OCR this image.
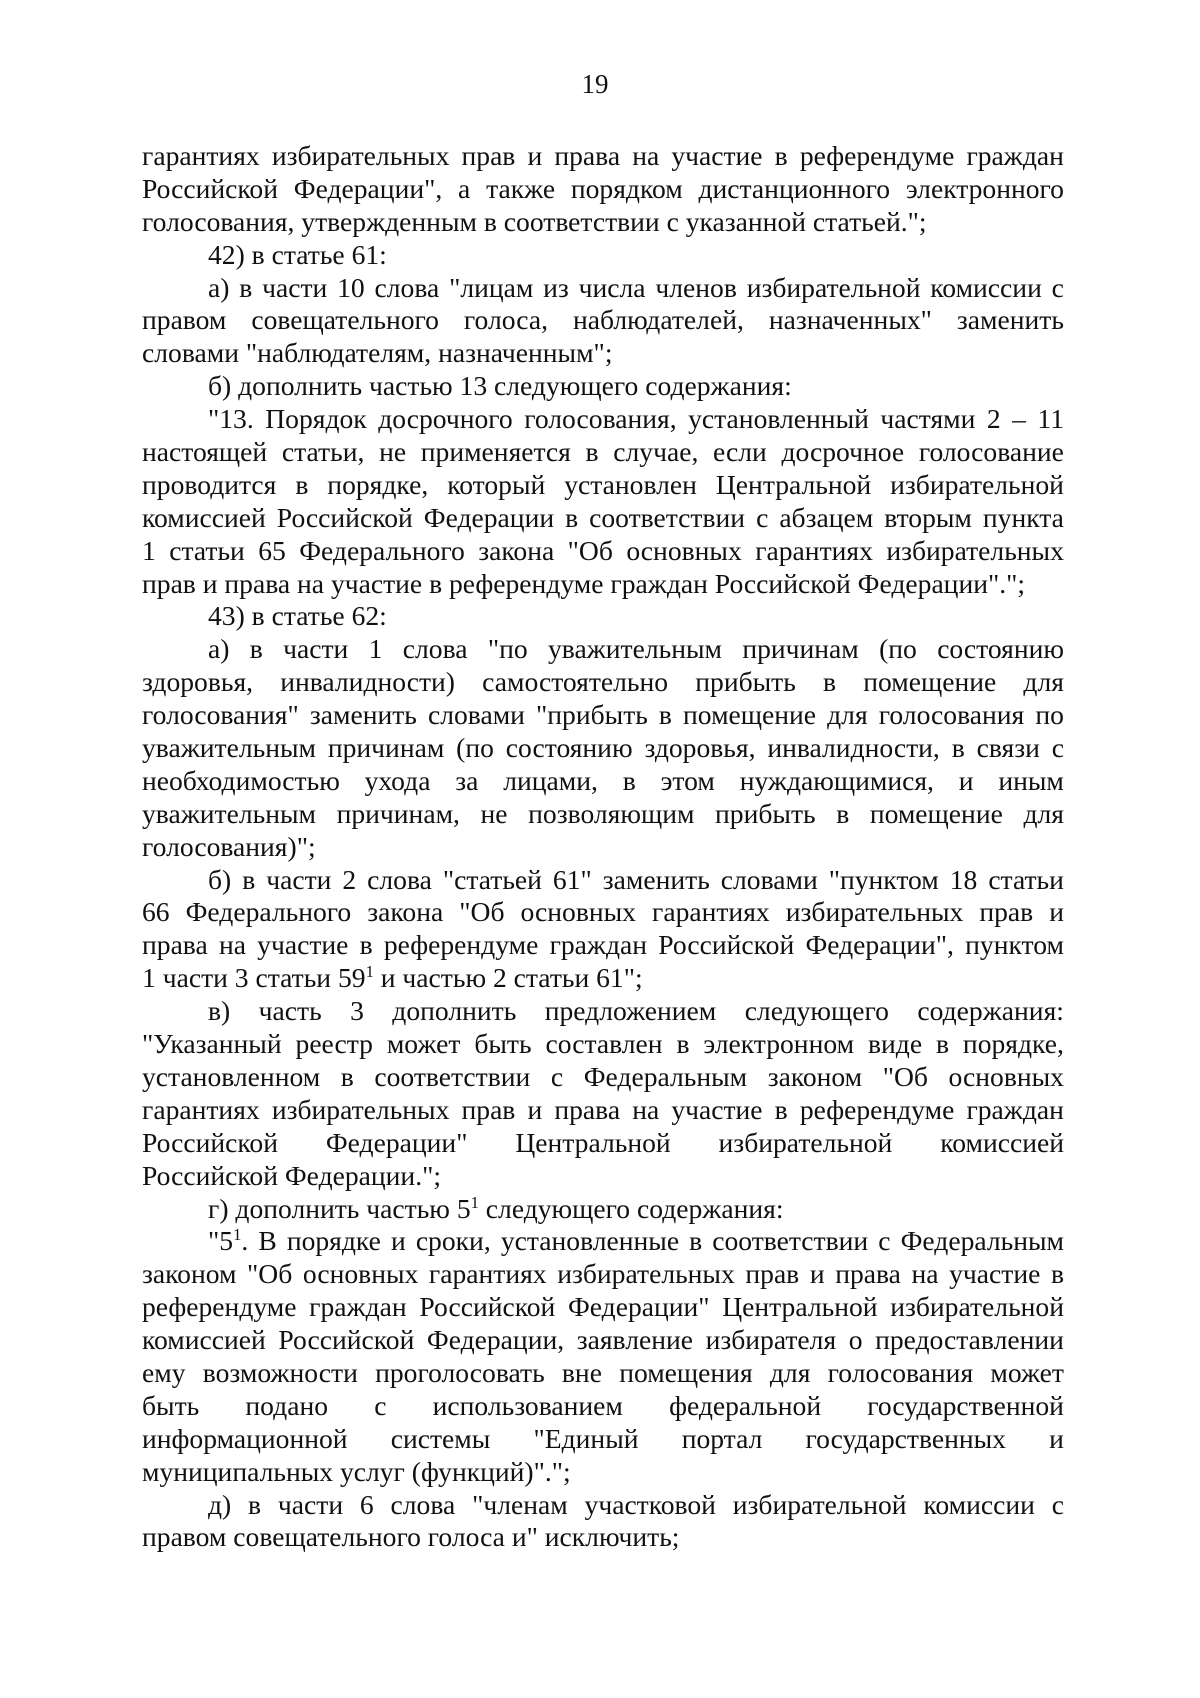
19
гарантиях избирательных прав и права на участие в референдуме граждан
Российской Федерации", а также порядком дистанционного электронного
голосования, утвержденным в соответствии с указанной статьей.";
42) в статье 61:
а) в части 10 слова "лицам из числа членов избирательной комиссии с
правом совещательного голоса, наблюдателей, назначенных" заменить
словами "наблюдателям, назначенным";
б) дополнить частью 13 следующего содержания:
"13. Порядок досрочного голосования, установленный частями 2 – 11
настоящей статьи, не применяется в случае, если досрочное голосование
проводится в порядке, который установлен Центральной избирательной
комиссией Российской Федерации в соответствии с абзацем вторым пункта
1 статьи 65 Федерального закона "Об основных гарантиях избирательных
прав и права на участие в референдуме граждан Российской Федерации".";
43) в статье 62:
а) в части 1 слова "по уважительным причинам (по состоянию
здоровья, инвалидности) самостоятельно прибыть в помещение для
голосования" заменить словами "прибыть в помещение для голосования по
уважительным причинам (по состоянию здоровья, инвалидности, в связи с
необходимостью ухода за лицами, в этом нуждающимися, и иным
уважительным причинам, не позволяющим прибыть в помещение для
голосования)";
б) в части 2 слова "статьей 61" заменить словами "пунктом 18 статьи
66 Федерального закона "Об основных гарантиях избирательных прав и
права на участие в референдуме граждан Российской Федерации", пунктом
1 части 3 статьи $59^1$ и частью 2 статьи 61";
в) часть 3 дополнить предложением следующего содержания:
"Указанный реестр может быть составлен в электронном виде в порядке,
установленном в соответствии с Федеральным законом "Об основных
гарантиях избирательных прав и права на участие в референдуме граждан
Российской Федерации" Центральной избирательной комиссией
Российской Федерации.";
г) дополнить частью $5^1$ следующего содержания:
"$5^1$. В порядке и сроки, установленные в соответствии с Федеральным
законом "Об основных гарантиях избирательных прав и права на участие в
референдуме граждан Российской Федерации" Центральной избирательной
комиссией Российской Федерации, заявление избирателя о предоставлении
ему возможности проголосовать вне помещения для голосования может
быть подано с использованием федеральной государственной
информационной системы "Единый портал государственных и
муниципальных услуг (функций)".";
д) в части 6 слова "членам участковой избирательной комиссии с
правом совещательного голоса и" исключить;
